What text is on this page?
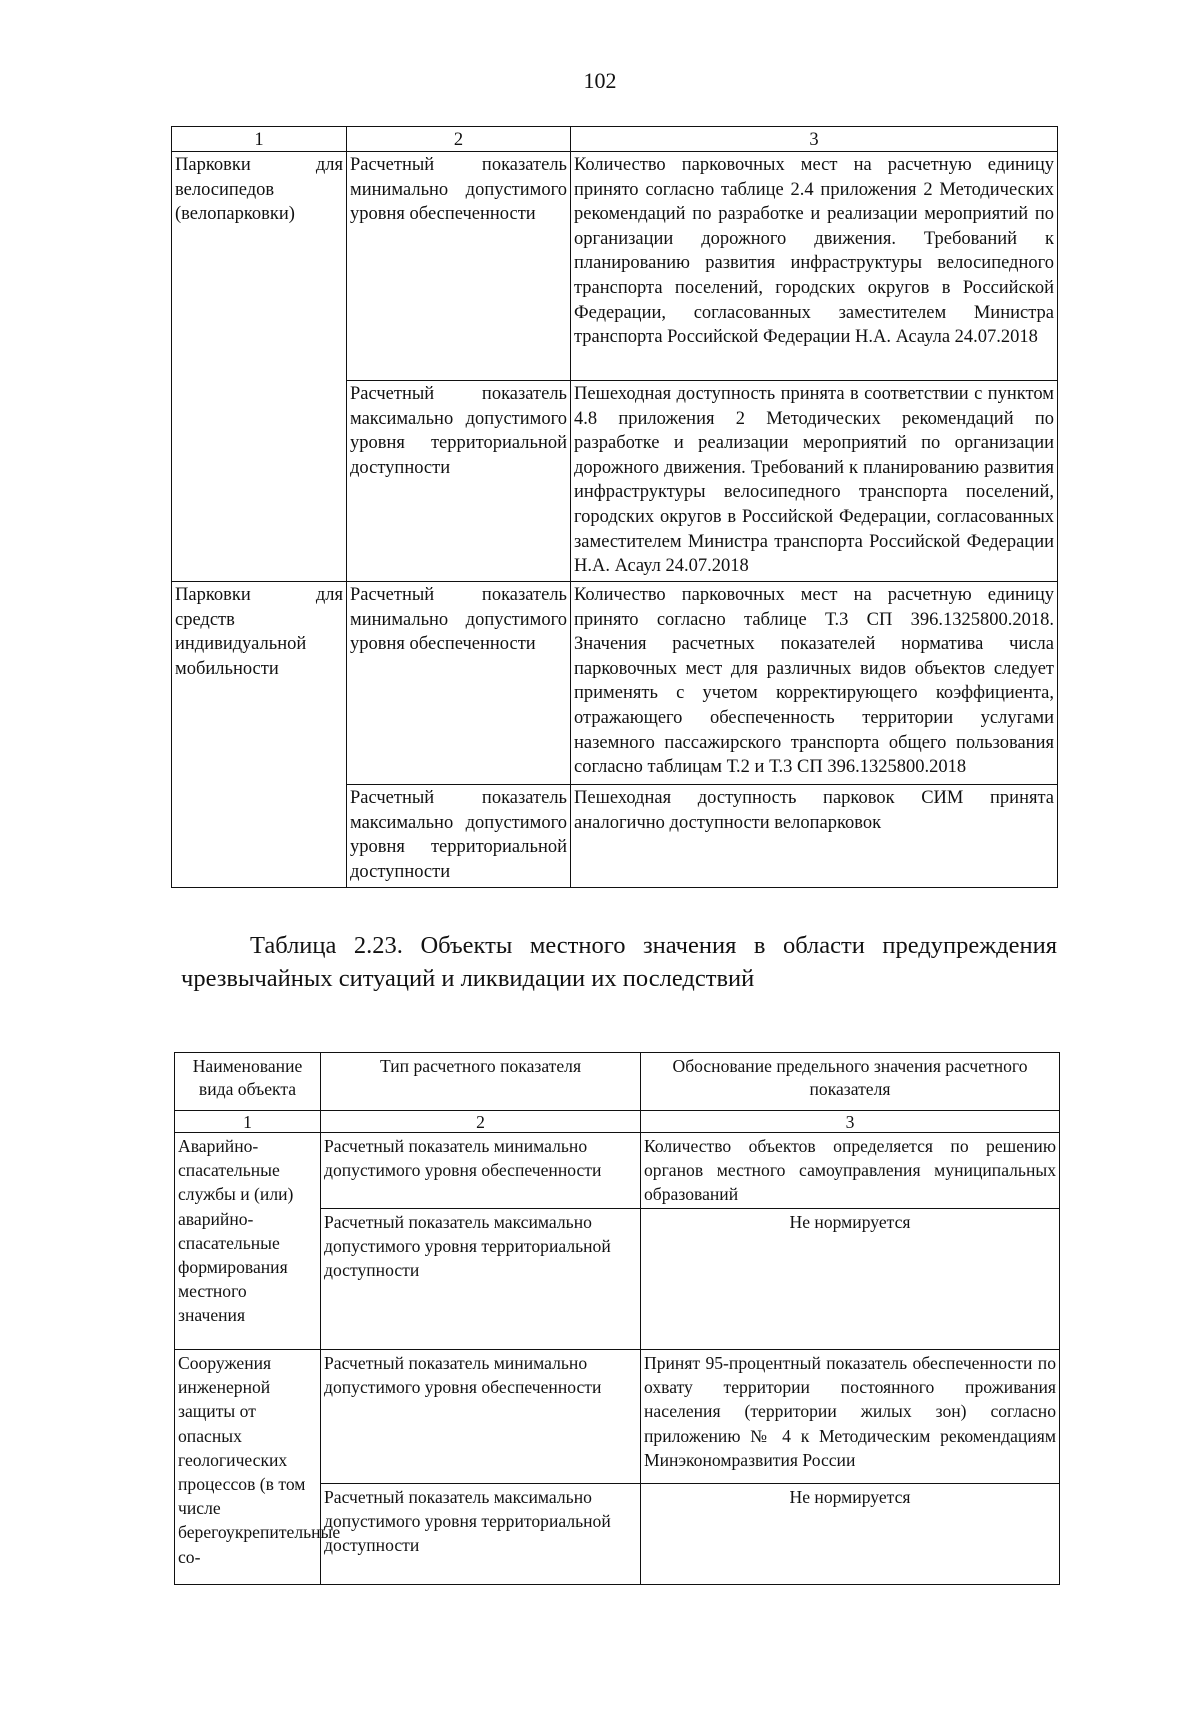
102
1	2	3
Парковки для велосипедов (велопарковки)	Расчетный показатель минимально допустимого уровня обеспеченности	Количество парковочных мест на расчетную единицу принято согласно таблице 2.4 приложения 2 Методических рекомендаций по разработке и реализации мероприятий по организации дорожного движения. Требований к планированию развития инфраструктуры велосипедного транспорта поселений, городских округов в Российской Федерации, согласованных заместителем Министра транспорта Российской Федерации Н.А. Асаула 24.07.2018
	Расчетный показатель максимально допустимого уровня территориальной доступности	Пешеходная доступность принята в соответствии с пунктом 4.8 приложения 2 Методических рекомендаций по разработке и реализации мероприятий по организации дорожного движения. Требований к планированию развития инфраструктуры велосипедного транспорта поселений, городских округов в Российской Федерации, согласованных заместителем Министра транспорта Российской Федерации Н.А. Асаул 24.07.2018
Парковки для средств индивидуальной мобильности	Расчетный показатель минимально допустимого уровня обеспеченности	Количество парковочных мест на расчетную единицу принято согласно таблице Т.3 СП 396.1325800.2018. Значения расчетных показателей норматива числа парковочных мест для различных видов объектов следует применять с учетом корректирующего коэффициента, отражающего обеспеченность территории услугами наземного пассажирского транспорта общего пользования согласно таблицам Т.2 и Т.3 СП 396.1325800.2018
	Расчетный показатель максимально допустимого уровня территориальной доступности	Пешеходная доступность парковок СИМ принята аналогично доступности велопарковок
Таблица 2.23. Объекты местного значения в области предупреждения чрезвычайных ситуаций и ликвидации их последствий
Наименование вида объекта	Тип расчетного показателя	Обоснование предельного значения расчетного показателя
1	2	3
Аварийно-спасательные службы и (или) аварийно-спасательные формирования местного значения	Расчетный показатель минимально допустимого уровня обеспеченности	Количество объектов определяется по решению органов местного самоуправления муниципальных образований
	Расчетный показатель максимально допустимого уровня территориальной доступности	Не нормируется
Сооружения инженерной защиты от опасных геологических процессов (в том числе берегоукрепительные со-	Расчетный показатель минимально допустимого уровня обеспеченности	Принят 95-процентный показатель обеспеченности по охвату территории постоянного проживания населения (территории жилых зон) согласно приложению № 4 к Методическим рекомендациям Минэкономразвития России
	Расчетный показатель максимально допустимого уровня территориальной доступности	Не нормируется
